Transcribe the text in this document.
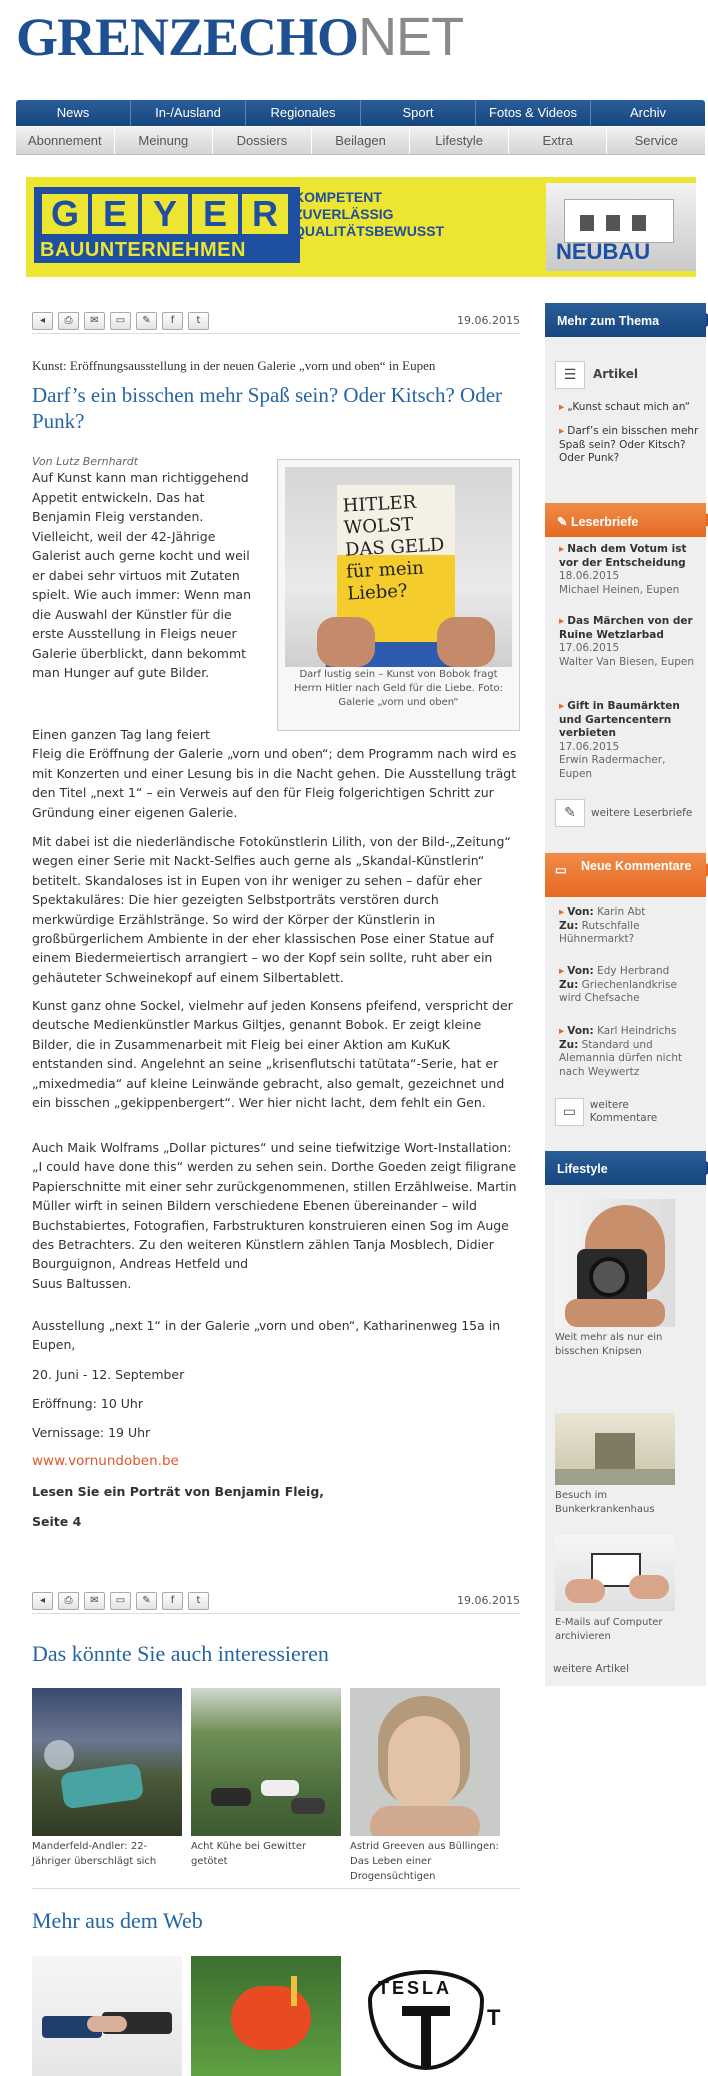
GRENZECHONET
News	In-/Ausland	Regionales	Sport	Fotos & Videos	Archiv
Abonnement	Meinung	Dossiers	Beilagen	Lifestyle	Extra	Service
G E Y E R
BAUUNTERNEHMEN
KOMPETENT
ZUVERLÄSSIG
QUALITÄTSBEWUSST
NEUBAU
◂	⎙	✉	▭	✎	f	t	19.06.2015
Kunst: Eröffnungsausstellung in der neuen Galerie „vorn und oben“ in Eupen
Darf’s ein bisschen mehr Spaß sein? Oder Kitsch? Oder Punk?
Von Lutz Bernhardt

Auf Kunst kann man richtiggehend Appetit entwickeln. Das hat Benjamin Fleig verstanden. Vielleicht, weil der 42-Jährige Galerist auch gerne kocht und weil er dabei sehr virtuos mit Zutaten spielt. Wie auch immer: Wenn man die Auswahl der Künstler für die erste Ausstellung in Fleigs neuer Galerie überblickt, dann bekommt man Hunger auf gute Bilder.

HITLER WOLST DAS GELD für mein Liebe?
Darf lustig sein – Kunst von Bobok fragt Herrn Hitler nach Geld für die Liebe. Foto: Galerie „vorn und oben“

Einen ganzen Tag lang feiert
Fleig die Eröffnung der Galerie „vorn und oben“; dem Programm nach wird es mit Konzerten und einer Lesung bis in die Nacht gehen. Die Ausstellung trägt den Titel „next 1“ – ein Verweis auf den für Fleig folgerichtigen Schritt zur Gründung einer eigenen Galerie.

Mit dabei ist die niederländische Fotokünstlerin Lilith, von der Bild-„Zeitung“ wegen einer Serie mit Nackt-Selfies auch gerne als „Skandal-Künstlerin“ betitelt. Skandaloses ist in Eupen von ihr weniger zu sehen – dafür eher Spektakuläres: Die hier gezeigten Selbstporträts verstören durch merkwürdige Erzählstränge. So wird der Körper der Künstlerin in großbürgerlichem Ambiente in der eher klassischen Pose einer Statue auf einem Biedermeiertisch arrangiert – wo der Kopf sein sollte, ruht aber ein gehäuteter Schweinekopf auf einem Silbertablett.

Kunst ganz ohne Sockel, vielmehr auf jeden Konsens pfeifend, verspricht der deutsche Medienkünstler Markus Giltjes, genannt Bobok. Er zeigt kleine Bilder, die in Zusammenarbeit mit Fleig bei einer Aktion am KuKuK entstanden sind. Angelehnt an seine „krisenflutschi tatütata“-Serie, hat er „mixedmedia“ auf kleine Leinwände gebracht, also gemalt, gezeichnet und ein bisschen „gekippenbergert“. Wer hier nicht lacht, dem fehlt ein Gen.

Auch Maik Wolframs „Dollar pictures“ und seine tiefwitzige Wort-Installation: „I could have done this“ werden zu sehen sein. Dorthe Goeden zeigt filigrane Papierschnitte mit einer sehr zurückgenommenen, stillen Erzählweise. Martin Müller wirft in seinen Bildern verschiedene Ebenen übereinander – wild Buchstabiertes, Fotografien, Farbstrukturen konstruieren einen Sog im Auge des Betrachters. Zu den weiteren Künstlern zählen Tanja Mosblech, Didier Bourguignon, Andreas Hetfeld und
Suus Baltussen.

Ausstellung „next 1“ in der Galerie „vorn und oben“, Katharinenweg 15a in Eupen,

20. Juni - 12. September

Eröffnung: 10 Uhr

Vernissage: 19 Uhr

www.vornundoben.be
Lesen Sie ein Porträt von Benjamin Fleig,
Seite 4
◂	⎙	✉	▭	✎	f	t	19.06.2015
Das könnte Sie auch interessieren
Manderfeld-Andler: 22-Jähriger überschlägt sich
Acht Kühe bei Gewitter getötet
Astrid Greeven aus Büllingen: Das Leben einer Drogensüchtigen
Mehr aus dem Web
TESLA
T
Mehr zum Thema
☰	Artikel
▸ „Kunst schaut mich an“
▸ Darf’s ein bisschen mehr Spaß sein? Oder Kitsch? Oder Punk?
✎ Leserbriefe
▸ Nach dem Votum ist vor der Entscheidung
18.06.2015
Michael Heinen, Eupen
▸ Das Märchen von der Ruine Wetzlarbad
17.06.2015
Walter Van Biesen, Eupen
▸ Gift in Baumärkten und Gartencentern verbieten
17.06.2015
Erwin Radermacher, Eupen
✎	weitere Leserbriefe
▭ Neue Kommentare
▸ Von: Karin Abt
Zu: Rutschfalle Hühnermarkt?
▸ Von: Edy Herbrand
Zu: Griechenlandkrise wird Chefsache
▸ Von: Karl Heindrichs
Zu: Standard und Alemannia dürfen nicht nach Weywertz
▭	weitere Kommentare
Lifestyle
Weit mehr als nur ein bisschen Knipsen
Besuch im Bunkerkrankenhaus
E-Mails auf Computer archivieren
weitere Artikel
